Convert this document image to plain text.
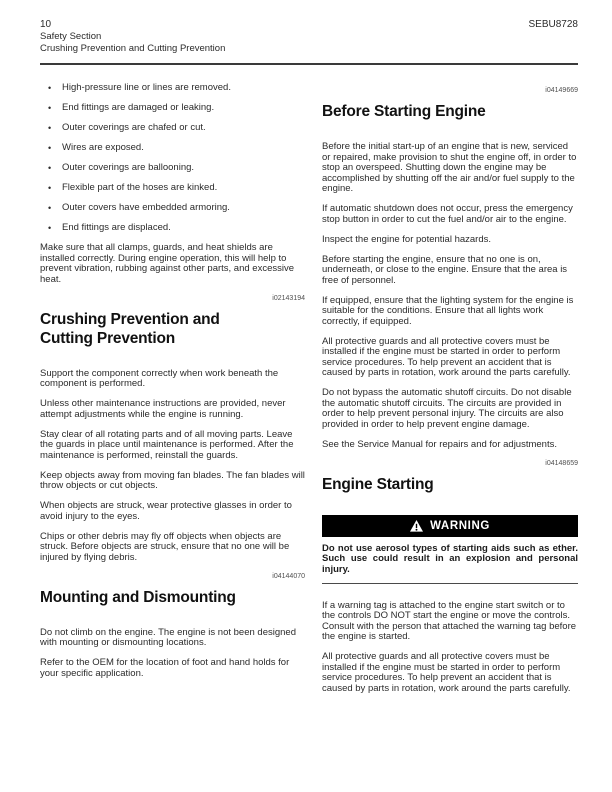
10	SEBU8728
Safety Section
Crushing Prevention and Cutting Prevention
• High-pressure line or lines are removed.
• End fittings are damaged or leaking.
• Outer coverings are chafed or cut.
• Wires are exposed.
• Outer coverings are ballooning.
• Flexible part of the hoses are kinked.
• Outer covers have embedded armoring.
• End fittings are displaced.

Make sure that all clamps, guards, and heat shields are installed correctly. During engine operation, this will help to prevent vibration, rubbing against other parts, and excessive heat.

i02143194
Crushing Prevention and Cutting Prevention

Support the component correctly when work beneath the component is performed.

Unless other maintenance instructions are provided, never attempt adjustments while the engine is running.

Stay clear of all rotating parts and of all moving parts. Leave the guards in place until maintenance is performed. After the maintenance is performed, reinstall the guards.

Keep objects away from moving fan blades. The fan blades will throw objects or cut objects.

When objects are struck, wear protective glasses in order to avoid injury to the eyes.

Chips or other debris may fly off objects when objects are struck. Before objects are struck, ensure that no one will be injured by flying debris.

i04144070
Mounting and Dismounting

Do not climb on the engine. The engine is not been designed with mounting or dismounting locations.

Refer to the OEM for the location of foot and hand holds for your specific application.

i04149669
Before Starting Engine

Before the initial start-up of an engine that is new, serviced or repaired, make provision to shut the engine off, in order to stop an overspeed. Shutting down the engine may be accomplished by shutting off the air and/or fuel supply to the engine.

If automatic shutdown does not occur, press the emergency stop button in order to cut the fuel and/or air to the engine.

Inspect the engine for potential hazards.

Before starting the engine, ensure that no one is on, underneath, or close to the engine. Ensure that the area is free of personnel.

If equipped, ensure that the lighting system for the engine is suitable for the conditions. Ensure that all lights work correctly, if equipped.

All protective guards and all protective covers must be installed if the engine must be started in order to perform service procedures. To help prevent an accident that is caused by parts in rotation, work around the parts carefully.

Do not bypass the automatic shutoff circuits. Do not disable the automatic shutoff circuits. The circuits are provided in order to help prevent personal injury. The circuits are also provided in order to help prevent engine damage.

See the Service Manual for repairs and for adjustments.

i04148659
Engine Starting
WARNING

Do not use aerosol types of starting aids such as ether. Such use could result in an explosion and personal injury.

If a warning tag is attached to the engine start switch or to the controls DO NOT start the engine or move the controls. Consult with the person that attached the warning tag before the engine is started.

All protective guards and all protective covers must be installed if the engine must be started in order to perform service procedures. To help prevent an accident that is caused by parts in rotation, work around the parts carefully.
